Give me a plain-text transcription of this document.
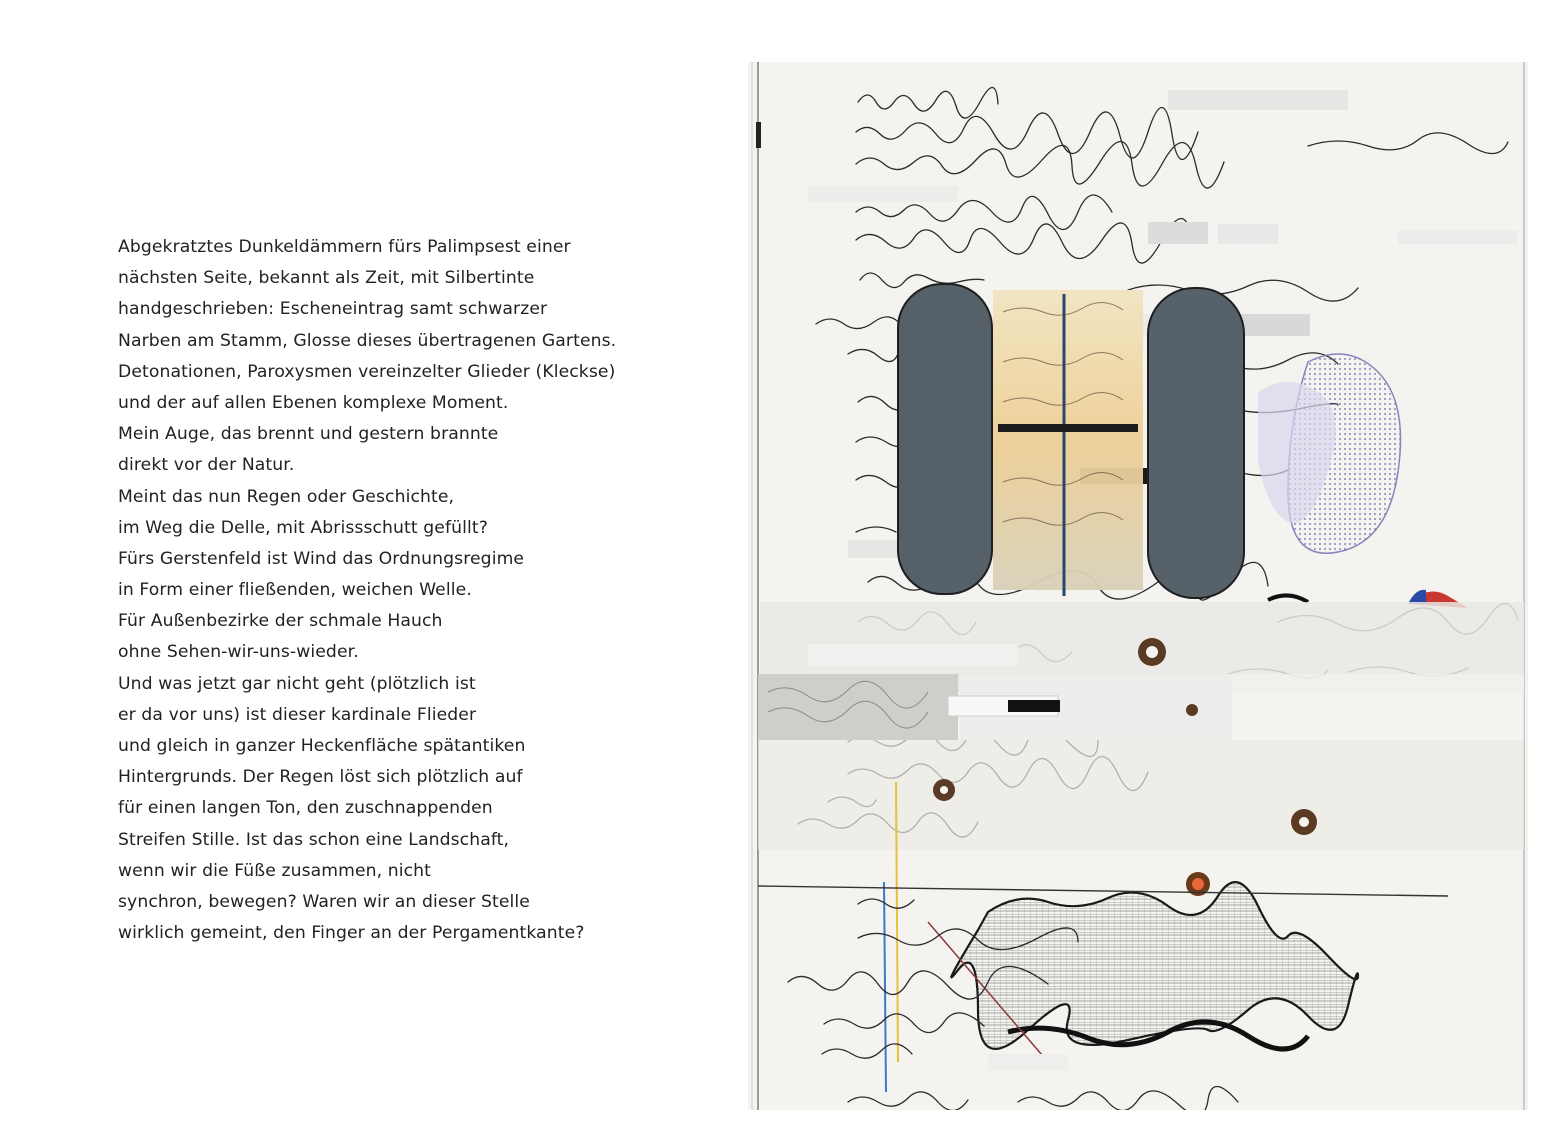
Abgekratztes Dunkeldämmern fürs Palimpsest einer
nächsten Seite, bekannt als Zeit, mit Silbertinte
handgeschrieben: Escheneintrag samt schwarzer
Narben am Stamm, Glosse dieses übertragenen Gartens.
Detonationen, Paroxysmen vereinzelter Glieder (Kleckse)
und der auf allen Ebenen komplexe Moment.
Mein Auge, das brennt und gestern brannte
direkt vor der Natur.
Meint das nun Regen oder Geschichte,
im Weg die Delle, mit Abrissschutt gefüllt?
Fürs Gerstenfeld ist Wind das Ordnungsregime
in Form einer fließenden, weichen Welle.
Für Außenbezirke der schmale Hauch
ohne Sehen-wir-uns-wieder.
Und was jetzt gar nicht geht (plötzlich ist
er da vor uns) ist dieser kardinale Flieder
und gleich in ganzer Heckenfläche spätantiken
Hintergrunds. Der Regen löst sich plötzlich auf
für einen langen Ton, den zuschnappenden
Streifen Stille. Ist das schon eine Landschaft,
wenn wir die Füße zusammen, nicht
synchron, bewegen? Waren wir an dieser Stelle
wirklich gemeint, den Finger an der Pergamentkante?
